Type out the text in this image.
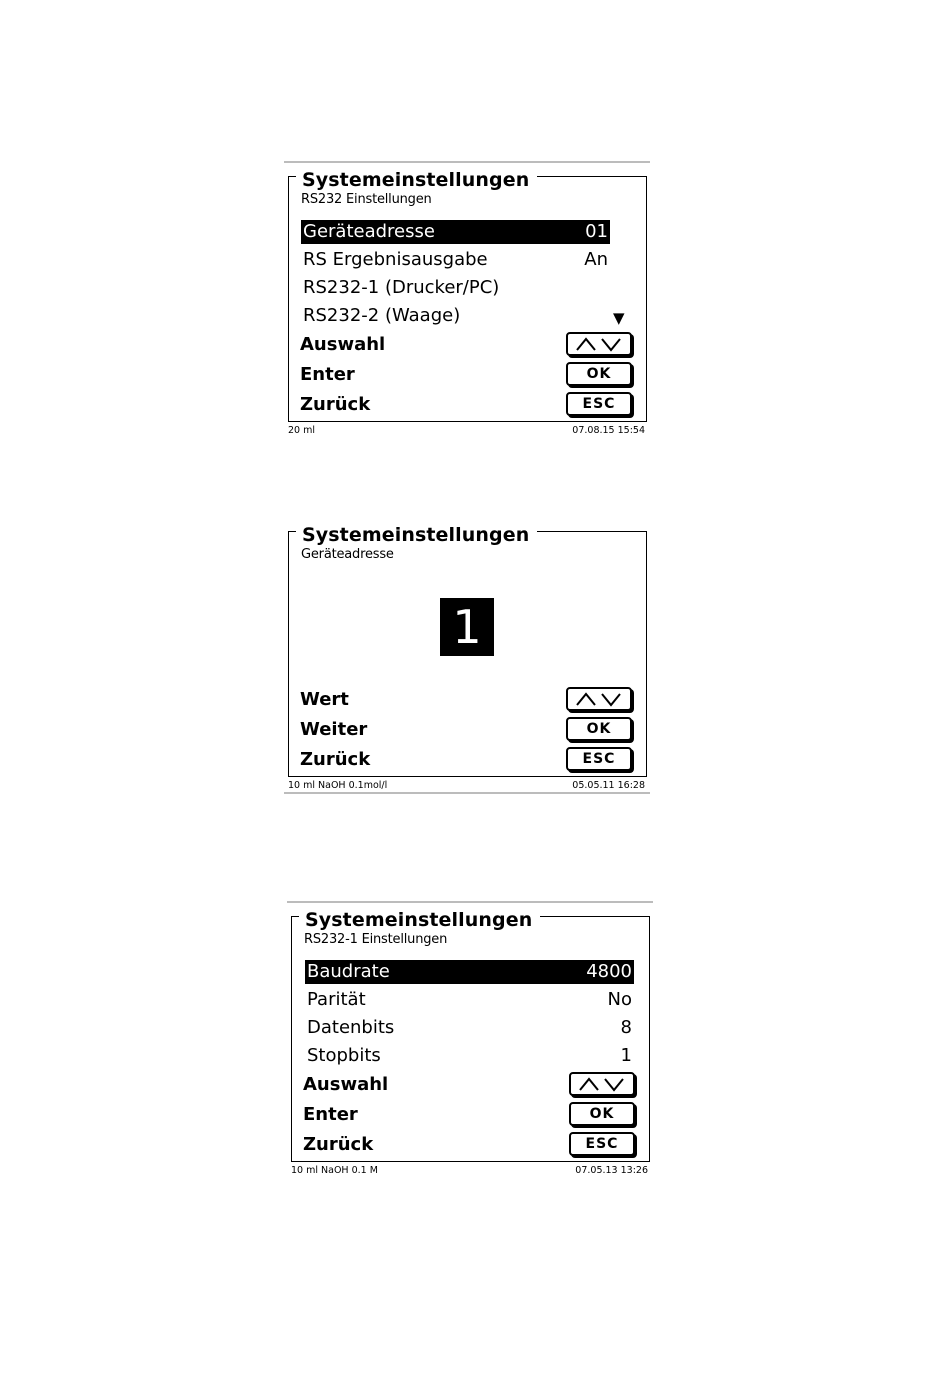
Systemeinstellungen
RS232 Einstellungen
Geräteadresse	01
RS Ergebnisausgabe	An
RS232-1 (Drucker/PC)
RS232-2 (Waage)	▼
Auswahl
Enter	OK
Zurück	ESC
20 ml	07.08.15 15:54
Systemeinstellungen
Geräteadresse
1
Wert
Weiter	OK
Zurück	ESC
10 ml NaOH 0.1mol/l	05.05.11 16:28
Systemeinstellungen
RS232-1 Einstellungen
Baudrate	4800
Parität	No
Datenbits	8
Stopbits	1
Auswahl
Enter	OK
Zurück	ESC
10 ml NaOH 0.1 M	07.05.13 13:26
